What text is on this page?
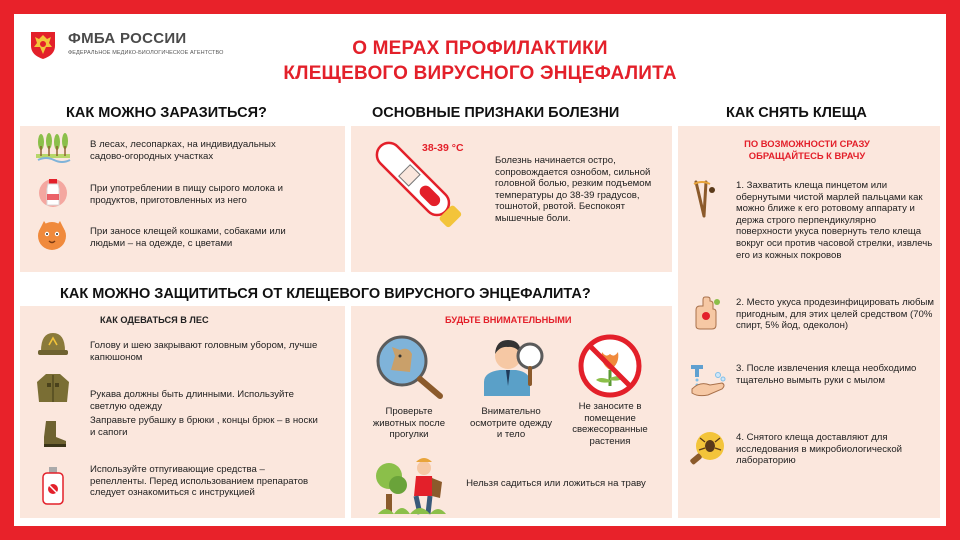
ФМБА РОССИИ
ФЕДЕРАЛЬНОЕ МЕДИКО-БИОЛОГИЧЕСКОЕ АГЕНТСТВО	О МЕРАХ ПРОФИЛАКТИКИ
КЛЕЩЕВОГО ВИРУСНОГО ЭНЦЕФАЛИТА
КАК МОЖНО ЗАРАЗИТЬСЯ?	ОСНОВНЫЕ ПРИЗНАКИ БОЛЕЗНИ	КАК СНЯТЬ КЛЕЩА
КАК МОЖНО ЗАЩИТИТЬСЯ ОТ КЛЕЩЕВОГО ВИРУСНОГО ЭНЦЕФАЛИТА?
В лесах, лесопарках, на индивидуальных садово-огородных участках
При употреблении в пищу сырого молока и продуктов, приготовленных из него
При заносе клещей кошками, собаками или людьми – на одежде, с цветами
38-39 °С
Болезнь начинается остро, сопровождается ознобом, сильной головной болью, резким подъемом температуры до 38-39 градусов, тошнотой, рвотой. Беспокоят мышечные боли.
ПО ВОЗМОЖНОСТИ СРАЗУ ОБРАЩАЙТЕСЬ К ВРАЧУ
1. Захватить клеща пинцетом или обернутыми чистой марлей пальцами как можно ближе к его ротовому аппарату и держа строго перпендикулярно поверхности укуса повернуть тело клеща вокруг оси против часовой стрелки, извлечь его из кожных покровов
2. Место укуса продезинфицировать любым пригодным, для этих целей средством (70% спирт, 5% йод, одеколон)
3. После извлечения клеща необходимо тщательно вымыть руки с мылом
4. Снятого клеща доставляют для исследования в микробиологической лабораторию
КАК ОДЕВАТЬСЯ В ЛЕС
Голову и шею закрывают головным убором, лучше капюшоном
Рукава должны быть длинными. Используйте светлую одежду
Заправьте рубашку в брюки , концы брюк – в носки и сапоги
Используйте отпугивающие средства – репелленты. Перед использованием препаратов следует ознакомиться с инструкцией
БУДЬТЕ ВНИМАТЕЛЬНЫМИ
Проверьте животных после прогулки
Внимательно осмотрите одежду и тело
Не заносите в помещение свежесорванные растения
Нельзя садиться или ложиться на траву
